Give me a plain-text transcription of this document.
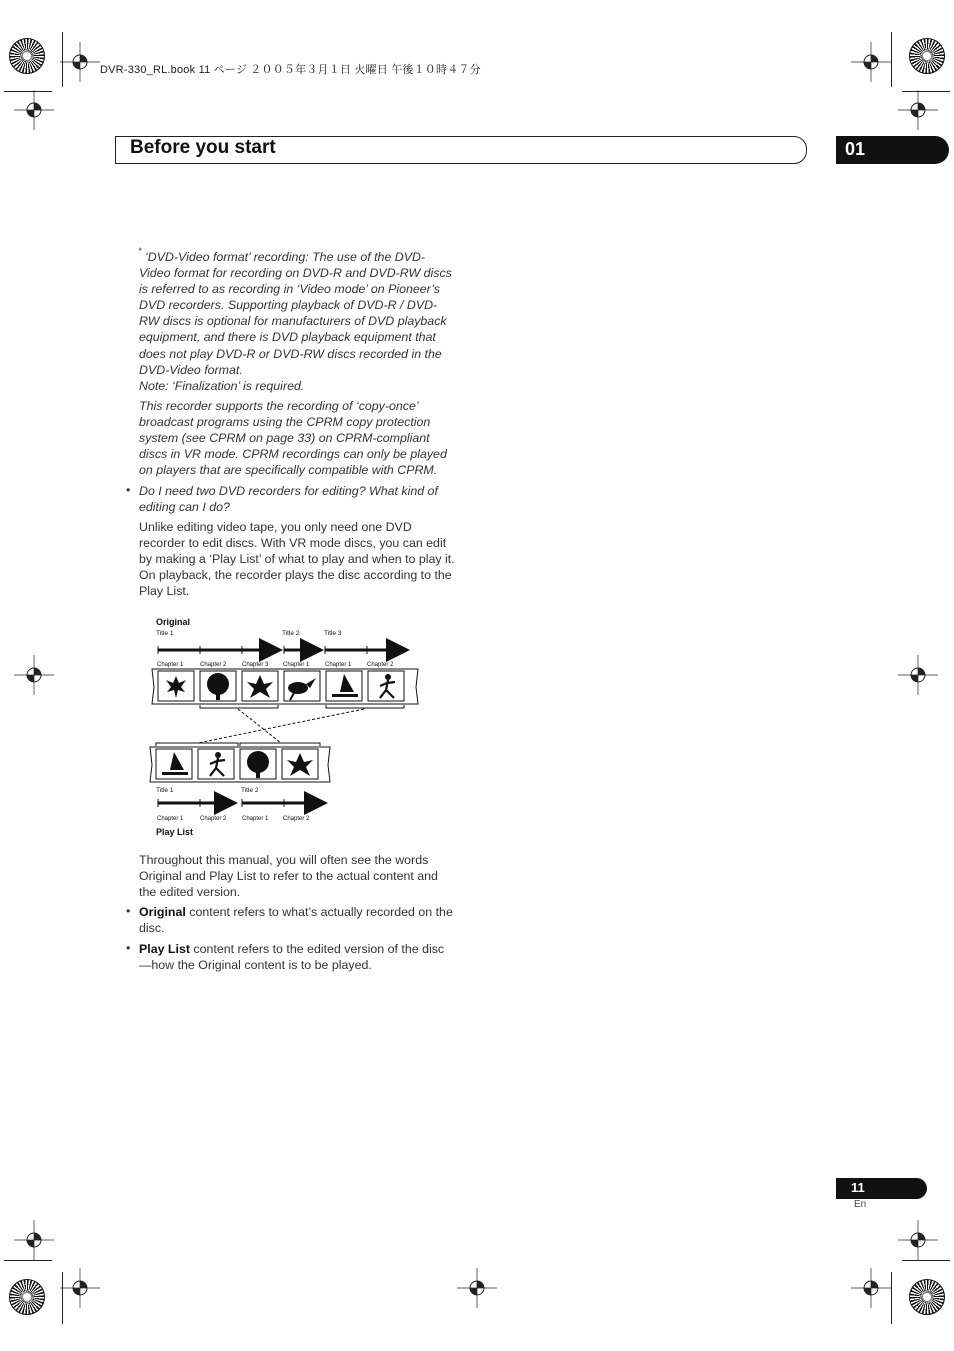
DVR-330_RL.book 11 ページ ２００５年３月１日 火曜日 午後１０時４７分
Before you start	01
* ‘DVD-Video format’ recording: The use of the DVD-Video format for recording on DVD-R and DVD-RW discs is referred to as recording in ‘Video mode’ on Pioneer’s DVD recorders. Supporting playback of DVD-R / DVD-RW discs is optional for manufacturers of DVD playback equipment, and there is DVD playback equipment that does not play DVD-R or DVD-RW discs recorded in the DVD-Video format.
Note: ‘Finalization’ is required.
This recorder supports the recording of ‘copy-once’ broadcast programs using the CPRM copy protection system (see CPRM on page 33) on CPRM-compliant discs in VR mode. CPRM recordings can only be played on players that are specifically compatible with CPRM.
• Do I need two DVD recorders for editing? What kind of editing can I do?
Unlike editing video tape, you only need one DVD recorder to edit discs. With VR mode discs, you can edit by making a ‘Play List’ of what to play and when to play it. On playback, the recorder plays the disc according to the Play List.
Original
Title 1	Title 2	Title 3
Chapter 1	Chapter 2	Chapter 3 Chapter 1	Chapter 1	Chapter 2
Title 1	Title 2
Chapter 1	Chapter 2	Chapter 1 Chapter 2
Play List
Throughout this manual, you will often see the words Original and Play List to refer to the actual content and the edited version.
• Original content refers to what’s actually recorded on the disc.
• Play List content refers to the edited version of the disc—how the Original content is to be played.
11
En
